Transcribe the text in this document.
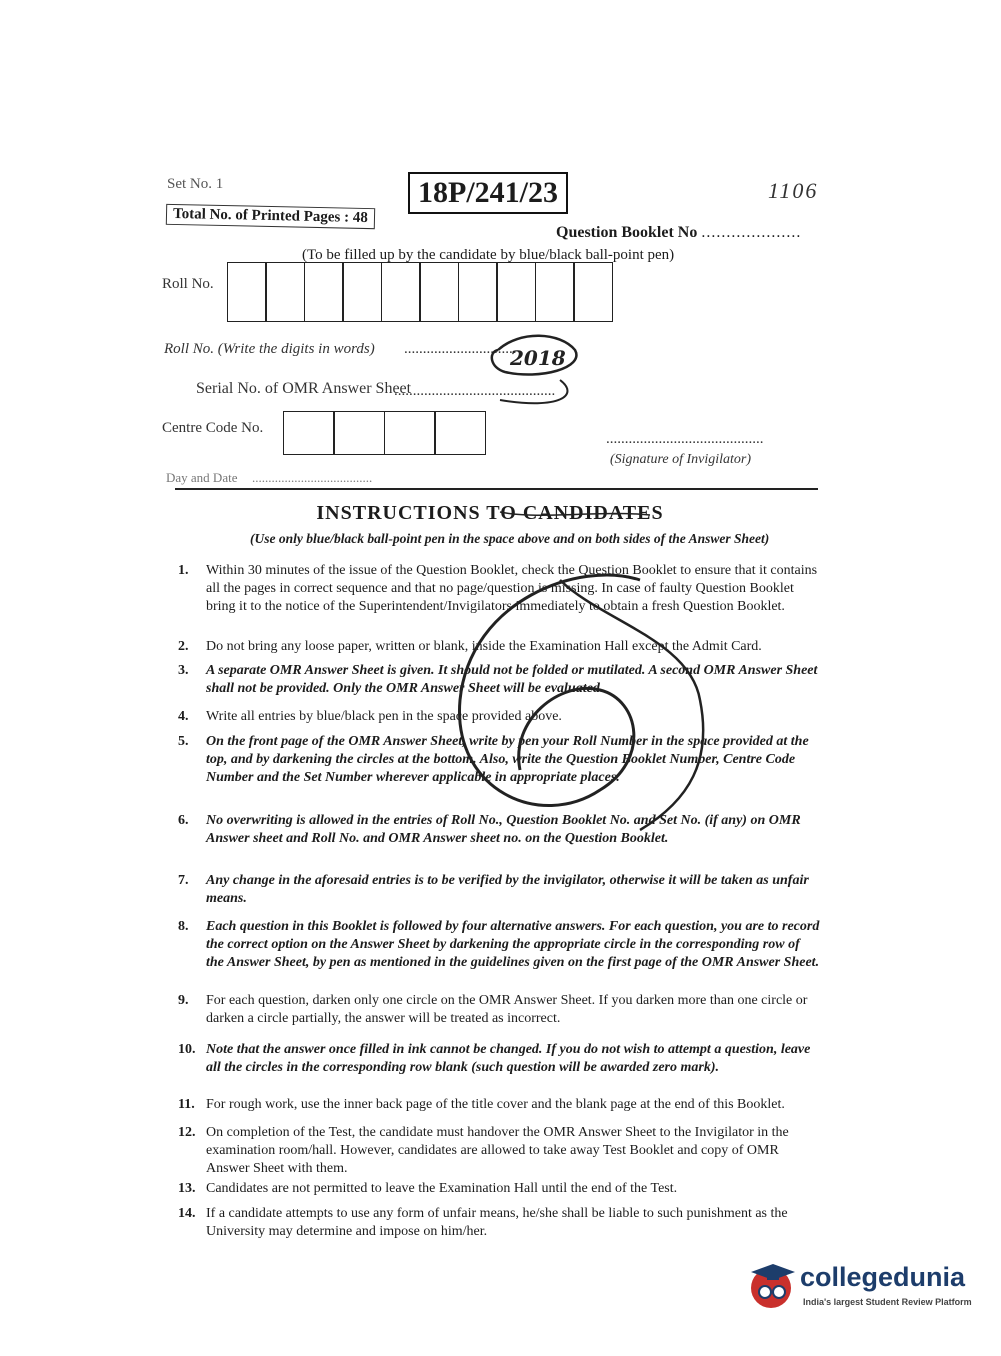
Set No. 1
Total No. of Printed Pages : 48
18P/241/23	1106
Question Booklet No ....................
(To be filled up by the candidate by blue/black ball-point pen)
Roll No.
Roll No. (Write the digits in words) ..............................
Serial No. of OMR Answer Sheet
...........................................
Centre Code No.
..........................................
(Signature of Invigilator)
Day and Date .....................................
INSTRUCTIONS TO CANDIDATES
(Use only blue/black ball-point pen in the space above and on both sides of the Answer Sheet)
1.	Within 30 minutes of the issue of the Question Booklet, check the Question Booklet to ensure that it contains all the pages in correct sequence and that no page/question is missing. In case of faulty Question Booklet bring it to the notice of the Superintendent/Invigilators immediately to obtain a fresh Question Booklet.
2.	Do not bring any loose paper, written or blank, inside the Examination Hall except the Admit Card.
3.	A separate OMR Answer Sheet is given. It should not be folded or mutilated. A second OMR Answer Sheet shall not be provided. Only the OMR Answer Sheet will be evaluated.
4.	Write all entries by blue/black pen in the space provided above.
5.	On the front page of the OMR Answer Sheet, write by pen your Roll Number in the space provided at the top, and by darkening the circles at the bottom. Also, write the Question Booklet Number, Centre Code Number and the Set Number wherever applicable in appropriate places.
6.	No overwriting is allowed in the entries of Roll No., Question Booklet No. and Set No. (if any) on OMR Answer sheet and Roll No. and OMR Answer sheet no. on the Question Booklet.
7.	Any change in the aforesaid entries is to be verified by the invigilator, otherwise it will be taken as unfair means.
8.	Each question in this Booklet is followed by four alternative answers. For each question, you are to record the correct option on the Answer Sheet by darkening the appropriate circle in the corresponding row of the Answer Sheet, by pen as mentioned in the guidelines given on the first page of the OMR Answer Sheet.
9.	For each question, darken only one circle on the OMR Answer Sheet. If you darken more than one circle or darken a circle partially, the answer will be treated as incorrect.
10. Note that the answer once filled in ink cannot be changed. If you do not wish to attempt a question, leave all the circles in the corresponding row blank (such question will be awarded zero mark).
11. For rough work, use the inner back page of the title cover and the blank page at the end of this Booklet.
12. On completion of the Test, the candidate must handover the OMR Answer Sheet to the Invigilator in the examination room/hall. However, candidates are allowed to take away Test Booklet and copy of OMR Answer Sheet with them.
13. Candidates are not permitted to leave the Examination Hall until the end of the Test.
14. If a candidate attempts to use any form of unfair means, he/she shall be liable to such punishment as the University may determine and impose on him/her.
2018
collegedunia
India's largest Student Review Platform
